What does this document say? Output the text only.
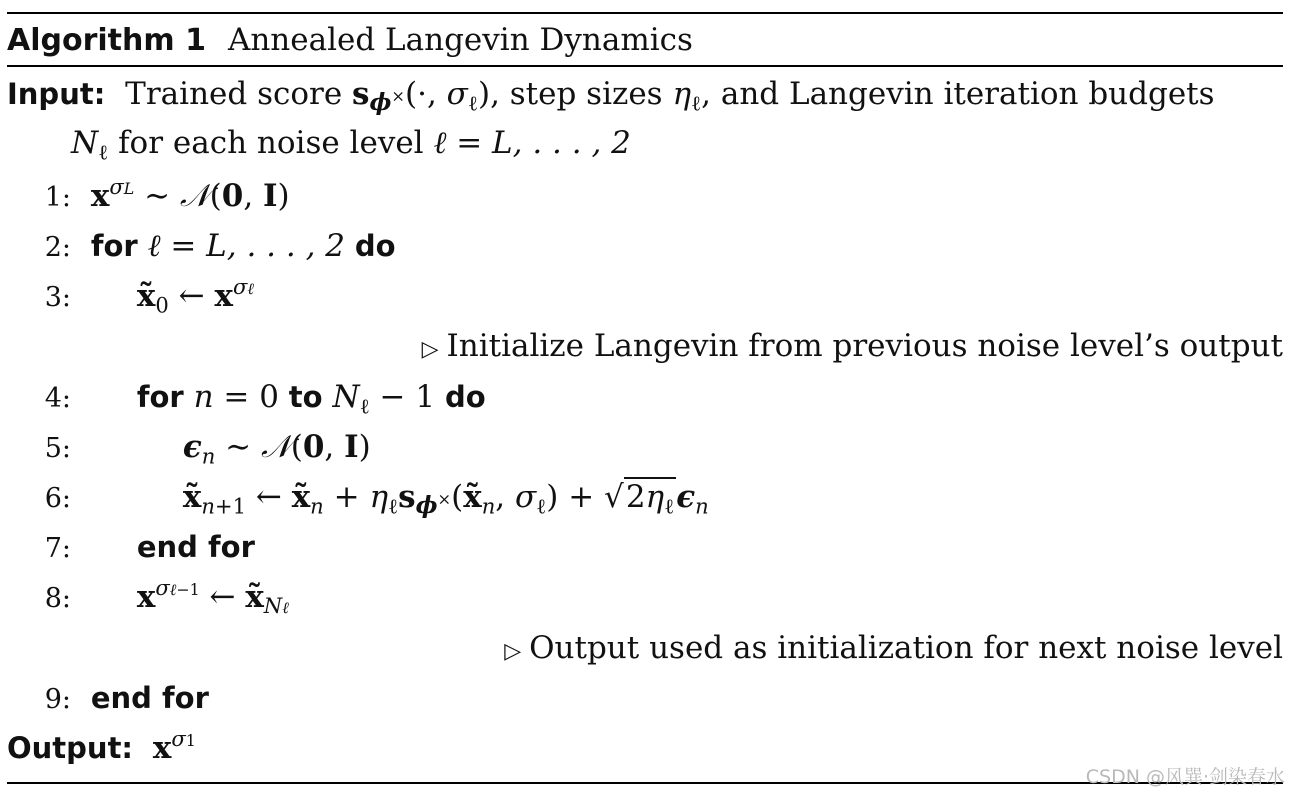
Algorithm 1 Annealed Langevin Dynamics
Input: Trained score sϕ×(·, $\sigma_\ell$), step sizes $\eta_\ell$, and Langevin iteration budgets
$N_\ell$ for each noise level ℓ = L, . . . , 2
1: $x^{\sigma L}$ ∼ 𝒩(0, I)
2: for ℓ = L, . . . , 2 do
3: $x̃_0$ ← $x^{\sigma\ell}$
▷ Initialize Langevin from previous noise level’s output
4: for n = 0 to $N_\ell - 1$ do
5:	$\epsilon_n$ ∼ 𝒩(0, I)
6:	$x̃_{n+1}$ ← $x̃_n$ + $\eta_\ell s\phi^\times(x̃_n$, $\sigma_\ell) + √2\eta_\ell\epsilon_n$
7: end for
8: $x^{\sigma\ell-1}$ ← $x̃_{N\ell}$
▷ Output used as initialization for next noise level
9: end for
Output: $x^{\sigma 1}$
CSDN @风巽·剑染春水
